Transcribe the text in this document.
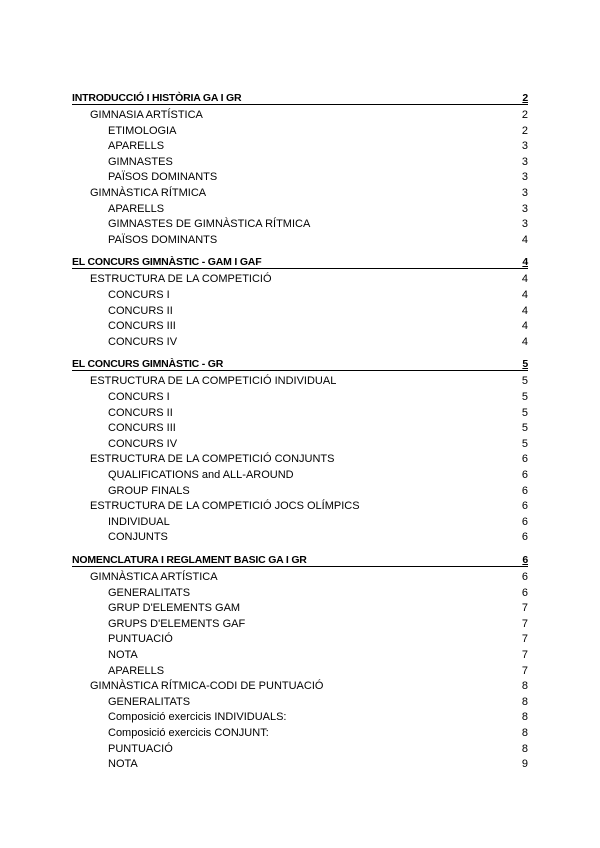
INTRODUCCIÓ I HISTÒRIA GA I GR	2
GIMNASIA ARTÍSTICA	2
ETIMOLOGIA	2
APARELLS	3
GIMNASTES	3
PAÏSOS DOMINANTS	3
GIMNÀSTICA RÍTMICA	3
APARELLS	3
GIMNASTES DE GIMNÀSTICA RÍTMICA	3
PAÏSOS DOMINANTS	4
EL CONCURS GIMNÀSTIC - GAM I GAF	4
ESTRUCTURA DE LA COMPETICIÓ	4
CONCURS I	4
CONCURS II	4
CONCURS III	4
CONCURS IV	4
EL CONCURS GIMNÀSTIC - GR	5
ESTRUCTURA DE LA COMPETICIÓ INDIVIDUAL	5
CONCURS I	5
CONCURS II	5
CONCURS III	5
CONCURS IV	5
ESTRUCTURA DE LA COMPETICIÓ CONJUNTS	6
QUALIFICATIONS and ALL-AROUND	6
GROUP FINALS	6
ESTRUCTURA DE LA COMPETICIÓ JOCS OLÍMPICS	6
INDIVIDUAL	6
CONJUNTS	6
NOMENCLATURA I REGLAMENT BASIC GA I GR	6
GIMNÀSTICA ARTÍSTICA	6
GENERALITATS	6
GRUP D'ELEMENTS GAM	7
GRUPS D'ELEMENTS GAF	7
PUNTUACIÓ	7
NOTA	7
APARELLS	7
GIMNÀSTICA RÍTMICA-CODI DE PUNTUACIÓ	8
GENERALITATS	8
Composició exercicis INDIVIDUALS:	8
Composició exercicis CONJUNT:	8
PUNTUACIÓ	8
NOTA	9
